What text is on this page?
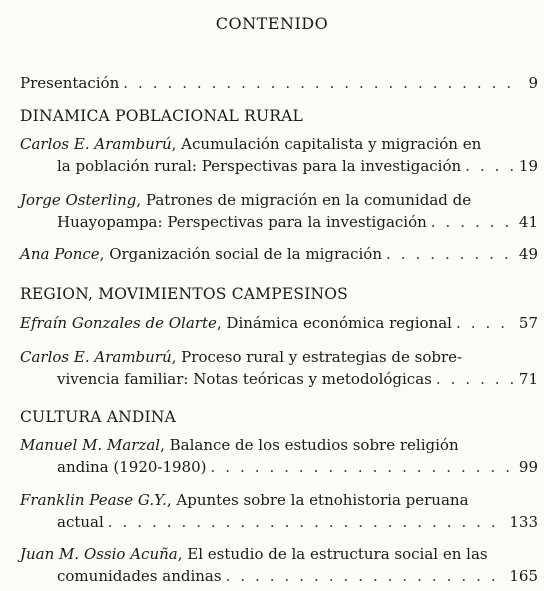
CONTENIDO
Presentación . . .	9
DINAMICA POBLACIONAL RURAL
Carlos E. Aramburú , Acumulación capitalista y migración en
la población rural: Perspectivas para la investigación . . .	19
Jorge Osterling , Patrones de migración en la comunidad de
Huayopampa: Perspectivas para la investigación . . .	41
Ana Ponce , Organización social de la migración . . .	49
REGION, MOVIMIENTOS CAMPESINOS
Efraín Gonzales de Olarte , Dinámica económica regional . . .	57
Carlos E. Aramburú , Proceso rural y estrategias de sobre-
vivencia familiar: Notas teóricas y metodológicas . . .	71
CULTURA ANDINA
Manuel M. Marzal , Balance de los estudios sobre religión
andina (1920-1980) . . .	99
Franklin Pease G.Y. , Apuntes sobre la etnohistoria peruana
actual . . .	133
Juan M. Ossio Acuña , El estudio de la estructura social en las
comunidades andinas . . .	165
